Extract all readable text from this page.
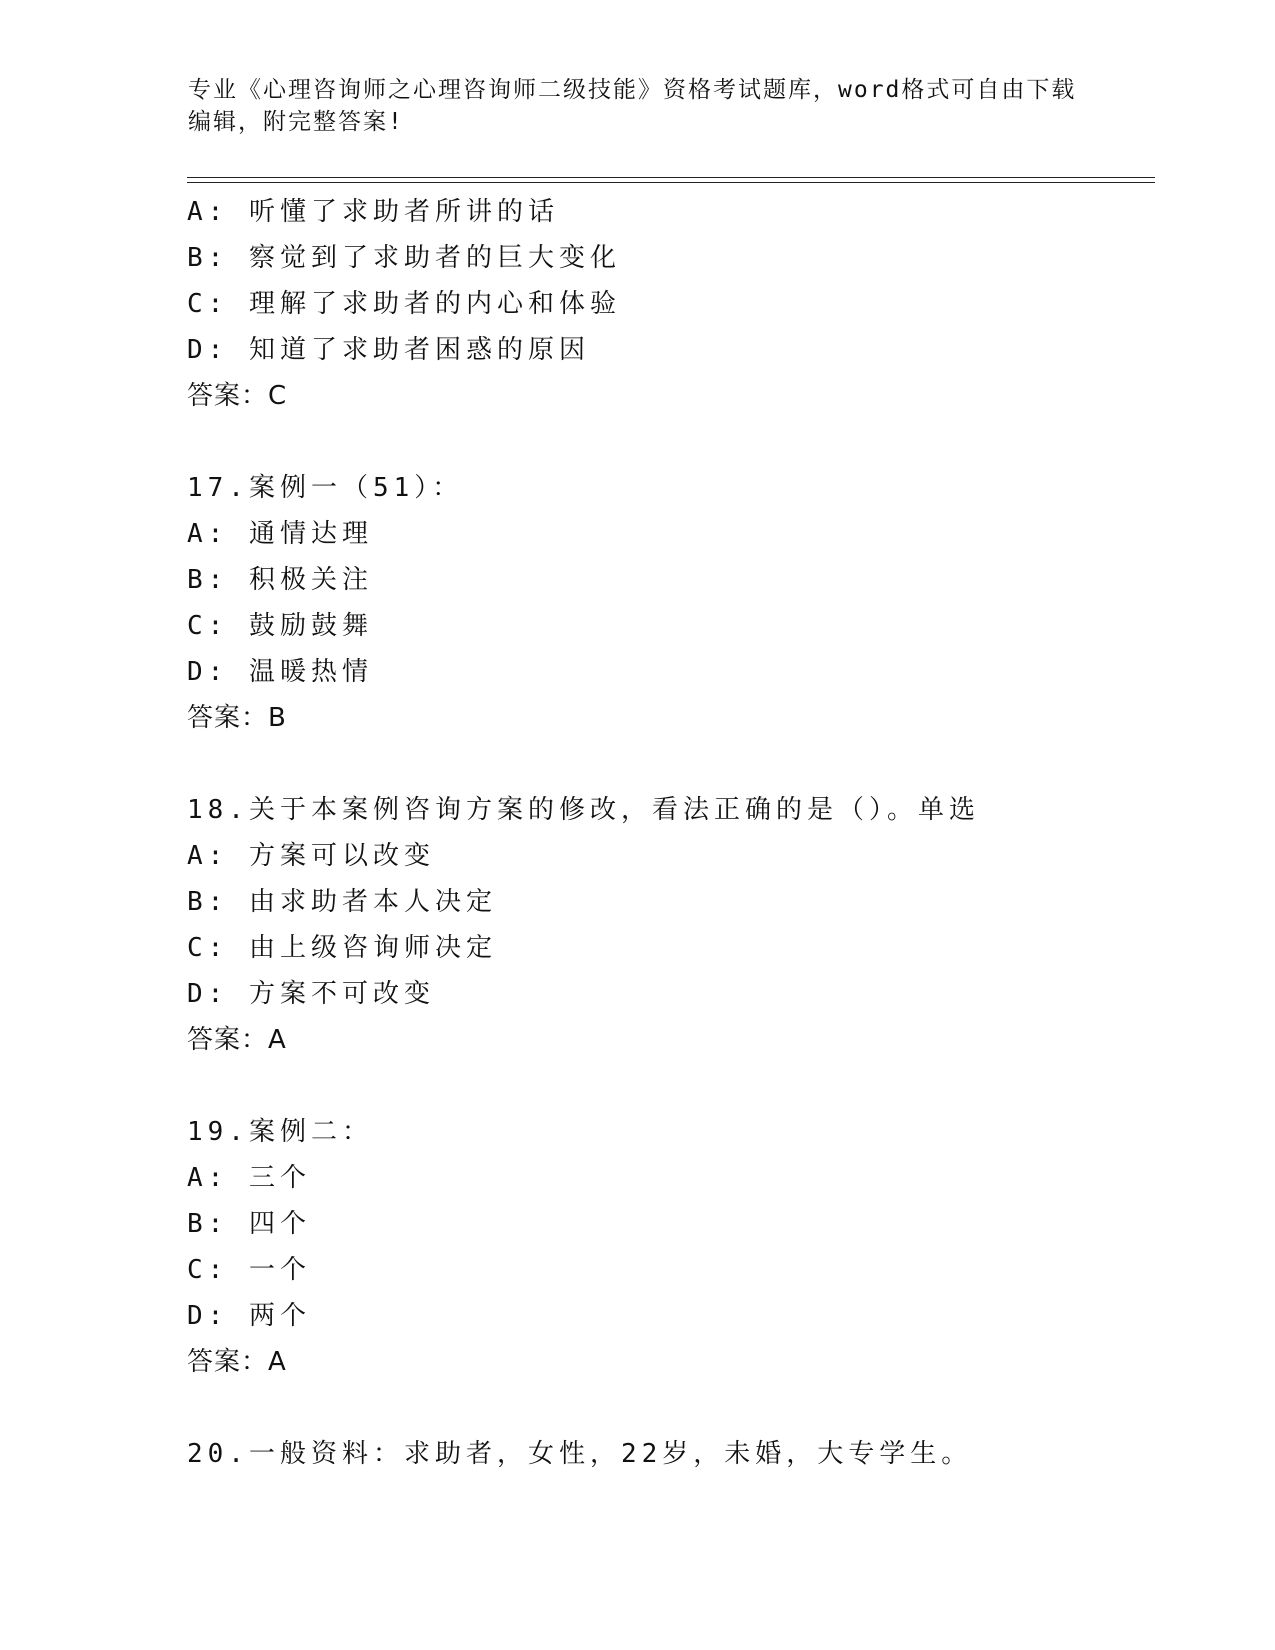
专业《心理咨询师之心理咨询师二级技能》资格考试题库，word格式可自由下载
编辑，附完整答案!
A: 听懂了求助者所讲的话
B: 察觉到了求助者的巨大变化
C: 理解了求助者的内心和体验
D: 知道了求助者困惑的原因
答案：C
17.案例一（51）：
A: 通情达理
B: 积极关注
C: 鼓励鼓舞
D: 温暖热情
答案：B
18.关于本案例咨询方案的修改，看法正确的是（）。单选
A: 方案可以改变
B: 由求助者本人决定
C: 由上级咨询师决定
D: 方案不可改变
答案：A
19.案例二：
A: 三个
B: 四个
C: 一个
D: 两个
答案：A
20.一般资料：求助者，女性，22岁，未婚，大专学生。
